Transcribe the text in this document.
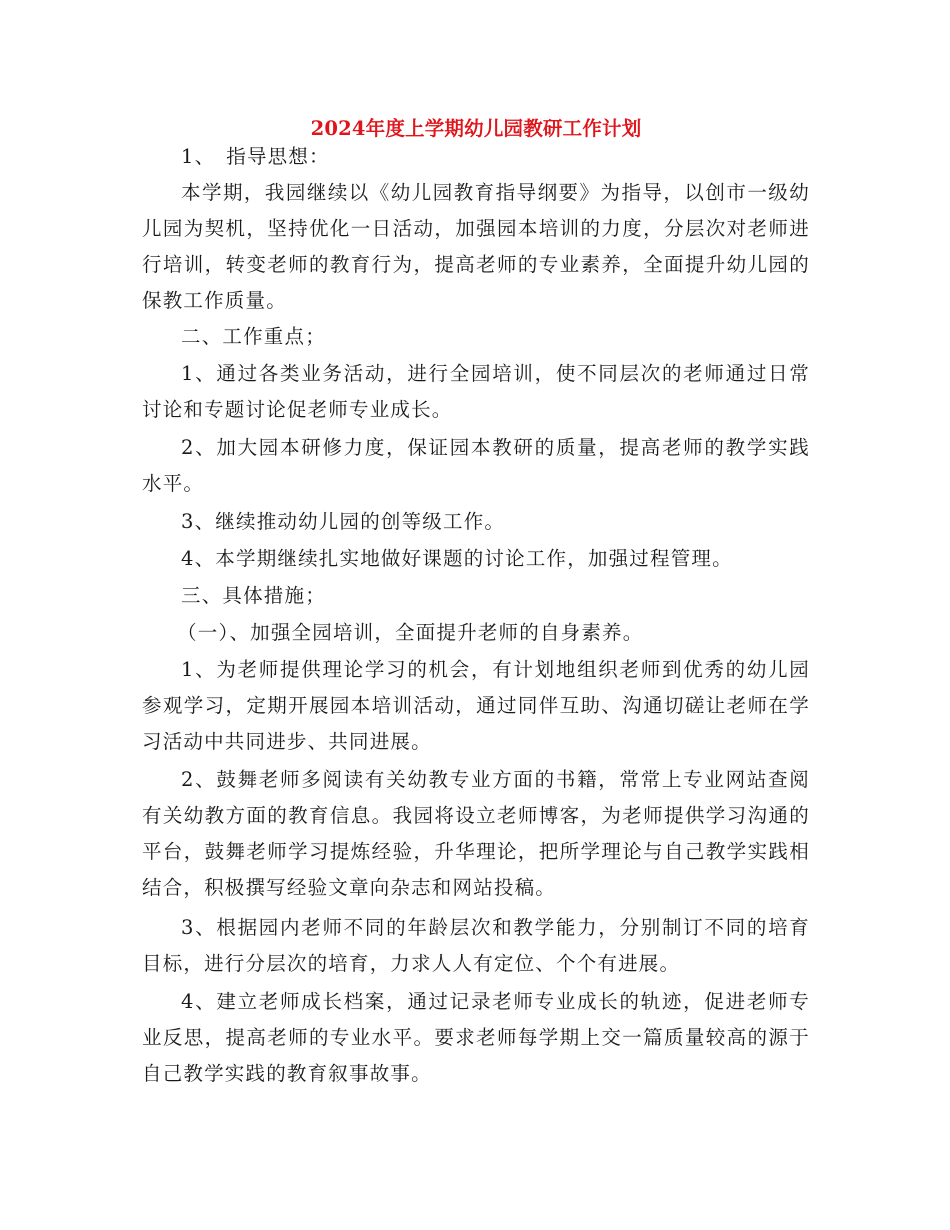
2024年度上学期幼儿园教研工作计划

1、　指导思想：

本学期，我园继续以《幼儿园教育指导纲要》为指导，以创市一级幼儿园为契机，坚持优化一日活动，加强园本培训的力度，分层次对老师进行培训，转变老师的教育行为，提高老师的专业素养，全面提升幼儿园的保教工作质量。

二、工作重点；

1、通过各类业务活动，进行全园培训，使不同层次的老师通过日常讨论和专题讨论促老师专业成长。

2、加大园本研修力度，保证园本教研的质量，提高老师的教学实践水平。

3、继续推动幼儿园的创等级工作。

4、本学期继续扎实地做好课题的讨论工作，加强过程管理。

三、具体措施；

（一）、加强全园培训，全面提升老师的自身素养。

1、为老师提供理论学习的机会，有计划地组织老师到优秀的幼儿园参观学习，定期开展园本培训活动，通过同伴互助、沟通切磋让老师在学习活动中共同进步、共同进展。

2、鼓舞老师多阅读有关幼教专业方面的书籍，常常上专业网站查阅有关幼教方面的教育信息。我园将设立老师博客，为老师提供学习沟通的平台，鼓舞老师学习提炼经验，升华理论，把所学理论与自己教学实践相结合，积极撰写经验文章向杂志和网站投稿。

3、根据园内老师不同的年龄层次和教学能力，分别制订不同的培育目标，进行分层次的培育，力求人人有定位、个个有进展。

4、建立老师成长档案，通过记录老师专业成长的轨迹，促进老师专业反思，提高老师的专业水平。要求老师每学期上交一篇质量较高的源于自己教学实践的教育叙事故事。
